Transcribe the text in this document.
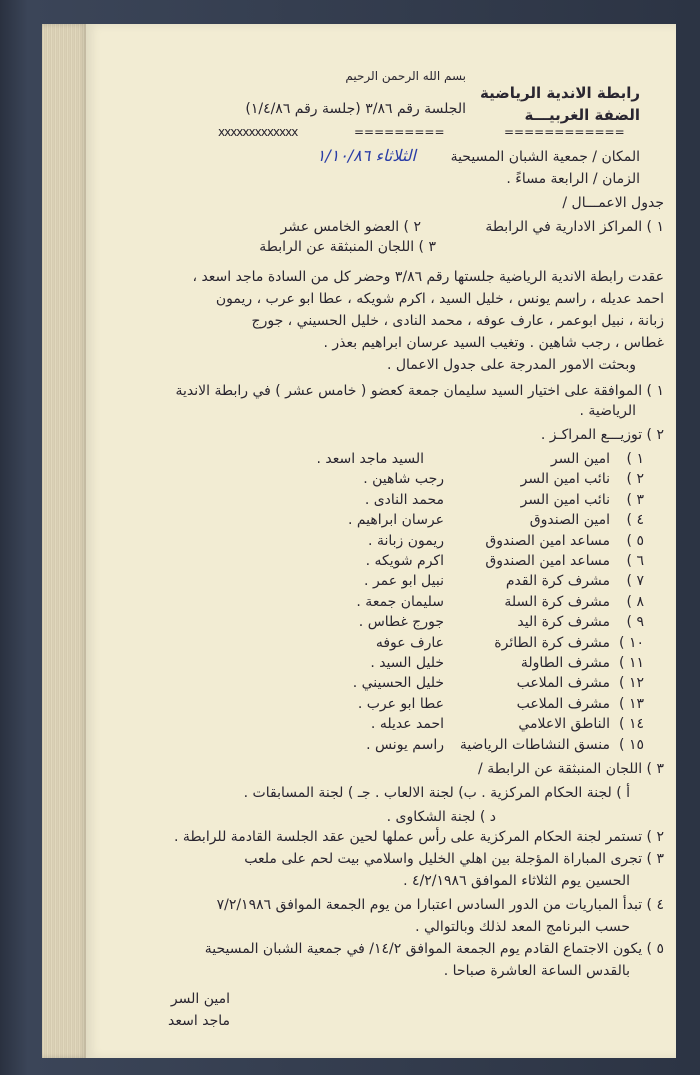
بسم الله الرحمن الرحيم
رابطة الاندية الرياضية
الضفة الغربيـــة
الجلسة رقم ٣/٨٦ (جلسة رقم ١/٤/٨٦)
============
=========
xxxxxxxxxxxxx
المكان / جمعية الشبان المسيحية
الثلاثاء ١/١٠/٨٦
الزمان / الرابعة مساءً .
جدول الاعمـــال /
١ ) المراكز الادارية في الرابطة
٢ ) العضو الخامس عشر
٣ ) اللجان المنبثقة عن الرابطة
عقدت رابطة الاندية الرياضية جلستها رقم ٣/٨٦ وحضر كل من السادة ماجد اسعد ،
احمد عديله ، راسم يونس ، خليل السيد ، اكرم شويكه ، عطا ابو عرب ، ريمون
زبانة ، نبيل ابوعمر ، عارف عوفه ، محمد النادى ، خليل الحسيني ، جورج
غطاس ، رجب شاهين . وتغيب السيد عرسان ابراهيم بعذر .
وبحثت الامور المدرجة على جدول الاعمال .
١ ) الموافقة على اختيار السيد سليمان جمعة كعضو ( خامس عشر ) في رابطة الاندية
الرياضية .
٢ ) توزيـــع المراكـز .
٣ ) اللجان المنبثقة عن الرابطة /
أ ) لجنة الحكام المركزية . ب) لجنة الالعاب . جـ ) لجنة المسابقات .
د ) لجنة الشكاوى .
٢ ) تستمر لجنة الحكام المركزية على رأس عملها لحين عقد الجلسة القادمة للرابطة .
٣ ) تجرى المباراة المؤجلة بين اهلي الخليل واسلامي بيت لحم على ملعب
الحسين يوم الثلاثاء الموافق ٤/٢/١٩٨٦ .
٤ ) تبدأ المباريات من الدور السادس اعتبارا من يوم الجمعة الموافق ٧/٢/١٩٨٦
حسب البرنامج المعد لذلك وبالتوالي .
٥ ) يكون الاجتماع القادم يوم الجمعة الموافق ١٤/٢/ في جمعية الشبان المسيحية
بالقدس الساعة العاشرة صباحا .
امين السر
ماجد اسعد
١ )
امين السر
السيد ماجد اسعد .
٢ )
نائب امين السر
رجب شاهين .
٣ )
نائب امين السر
محمد النادى .
٤ )
امين الصندوق
عرسان ابراهيم .
٥ )
مساعد امين الصندوق
ريمون زبانة .
٦ )
مساعد امين الصندوق
اكرم شويكه .
٧ )
مشرف كرة القدم
نبيل ابو عمر .
٨ )
مشرف كرة السلة
سليمان جمعة .
٩ )
مشرف كرة اليد
جورج غطاس .
١٠ )
مشرف كرة الطائرة
عارف عوفه
١١ )
مشرف الطاولة
خليل السيد .
١٢ )
مشرف الملاعب
خليل الحسيني .
١٣ )
مشرف الملاعب
عطا ابو عرب .
١٤ )
الناطق الاعلامي
احمد عديله .
١٥ )
منسق النشاطات الرياضية
راسم يونس .
